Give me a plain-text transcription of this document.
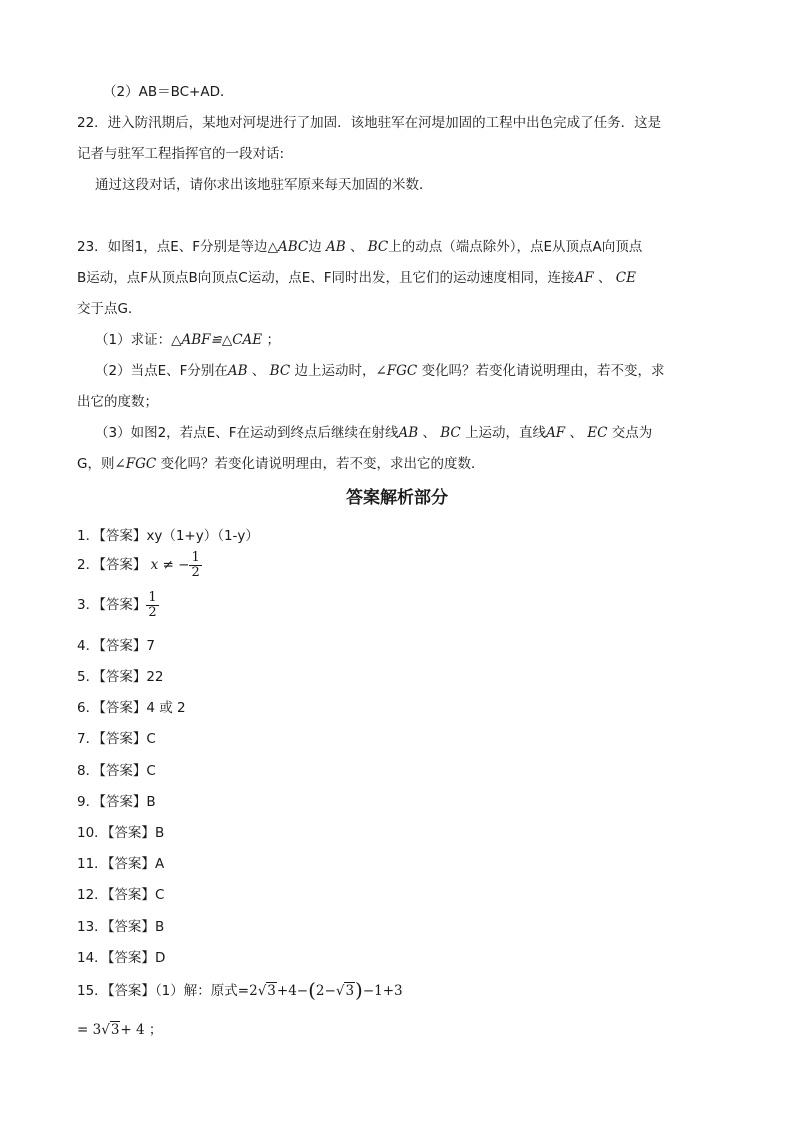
（2）AB＝BC+AD．
22．进入防汛期后，某地对河堤进行了加固．该地驻军在河堤加固的工程中出色完成了任务．这是
记者与驻军工程指挥官的一段对话:
通过这段对话，请你求出该地驻军原来每天加固的米数．
23．如图1，点E、F分别是等边△ABC边 AB 、 BC上的动点（端点除外），点E从顶点A向顶点
B运动，点F从顶点B向顶点C运动，点E、F同时出发，且它们的运动速度相同，连接AF 、 CE
交于点G．
（1）求证：△ABF≌△CAE ；
（2）当点E、F分别在AB 、 BC 边上运动时，∠FGC 变化吗？若变化请说明理由，若不变，求
出它的度数；
（3）如图2，若点E、F在运动到终点后继续在射线AB 、 BC 上运动，直线AF 、 EC 交点为
G，则∠FGC 变化吗？若变化请说明理由，若不变，求出它的度数．
答案解析部分
1．【答案】xy（1+y）（1-y）
2．【答案】 x ≠ − $\frac{1}{2}$
3．【答案】 $\frac{1}{2}$
4．【答案】7
5．【答案】22
6．【答案】4 或 2
7．【答案】C
8．【答案】C
9．【答案】B
10．【答案】B
11．【答案】A
12．【答案】C
13．【答案】B
14．【答案】D
15．【答案】（1）解：原式=2√3+4−(2−√3)−1+3
= 3√3+ 4 ；
